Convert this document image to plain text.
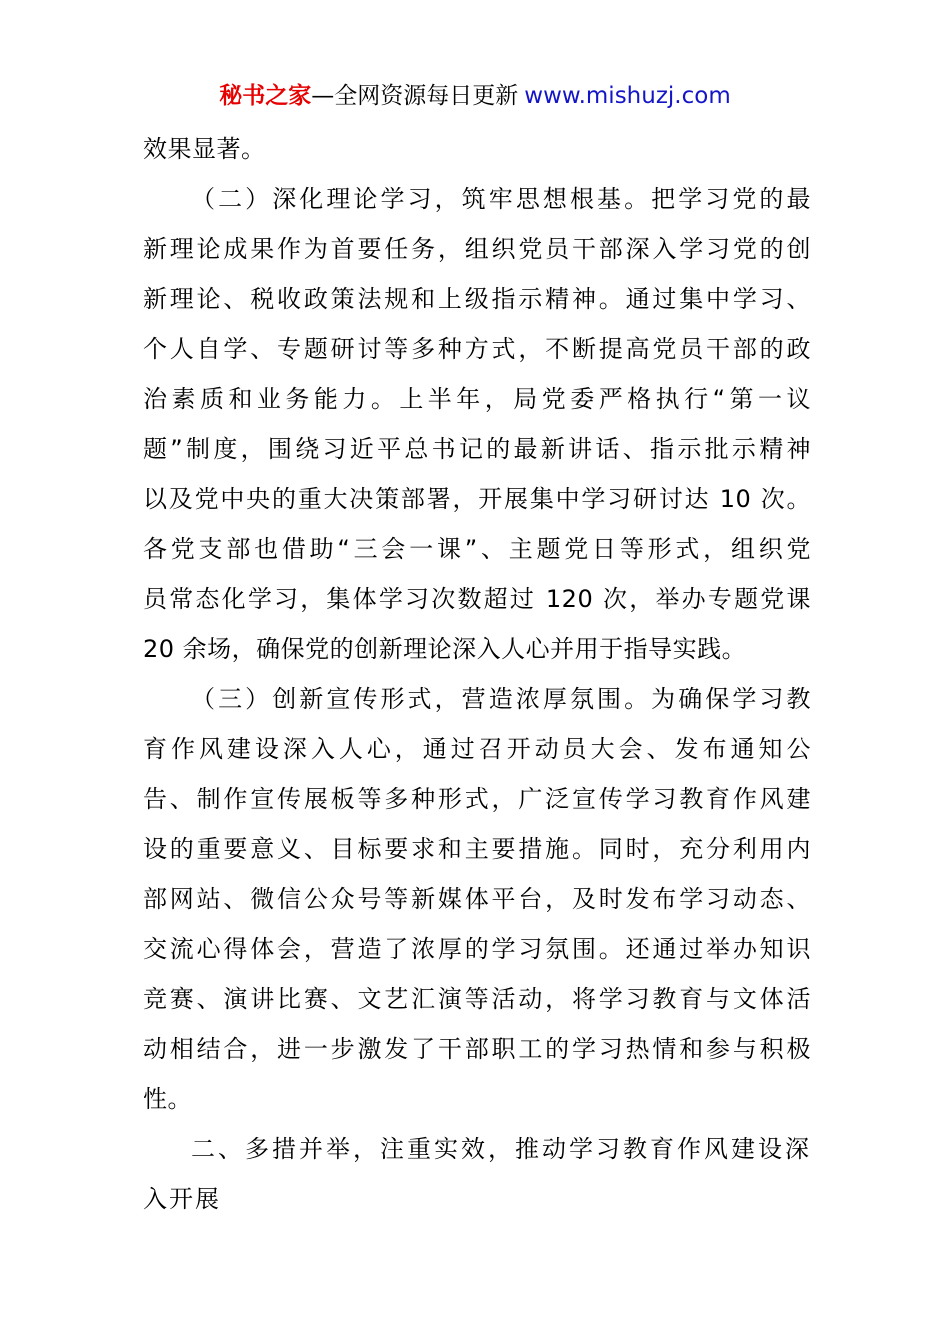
秘书之家—全网资源每日更新 www.mishuzj.com
效果显著。
（二）深化理论学习，筑牢思想根基。把学习党的最
新理论成果作为首要任务，组织党员干部深入学习党的创
新理论、税收政策法规和上级指示精神。通过集中学习、
个人自学、专题研讨等多种方式，不断提高党员干部的政
治素质和业务能力。上半年，局党委严格执行“第一议
题”制度，围绕习近平总书记的最新讲话、指示批示精神
以及党中央的重大决策部署，开展集中学习研讨达 10 次。
各党支部也借助“三会一课”、主题党日等形式，组织党
员常态化学习，集体学习次数超过 120 次，举办专题党课
20 余场，确保党的创新理论深入人心并用于指导实践。
（三）创新宣传形式，营造浓厚氛围。为确保学习教
育作风建设深入人心，通过召开动员大会、发布通知公
告、制作宣传展板等多种形式，广泛宣传学习教育作风建
设的重要意义、目标要求和主要措施。同时，充分利用内
部网站、微信公众号等新媒体平台，及时发布学习动态、
交流心得体会，营造了浓厚的学习氛围。还通过举办知识
竞赛、演讲比赛、文艺汇演等活动，将学习教育与文体活
动相结合，进一步激发了干部职工的学习热情和参与积极
性。
二、多措并举，注重实效，推动学习教育作风建设深
入开展
